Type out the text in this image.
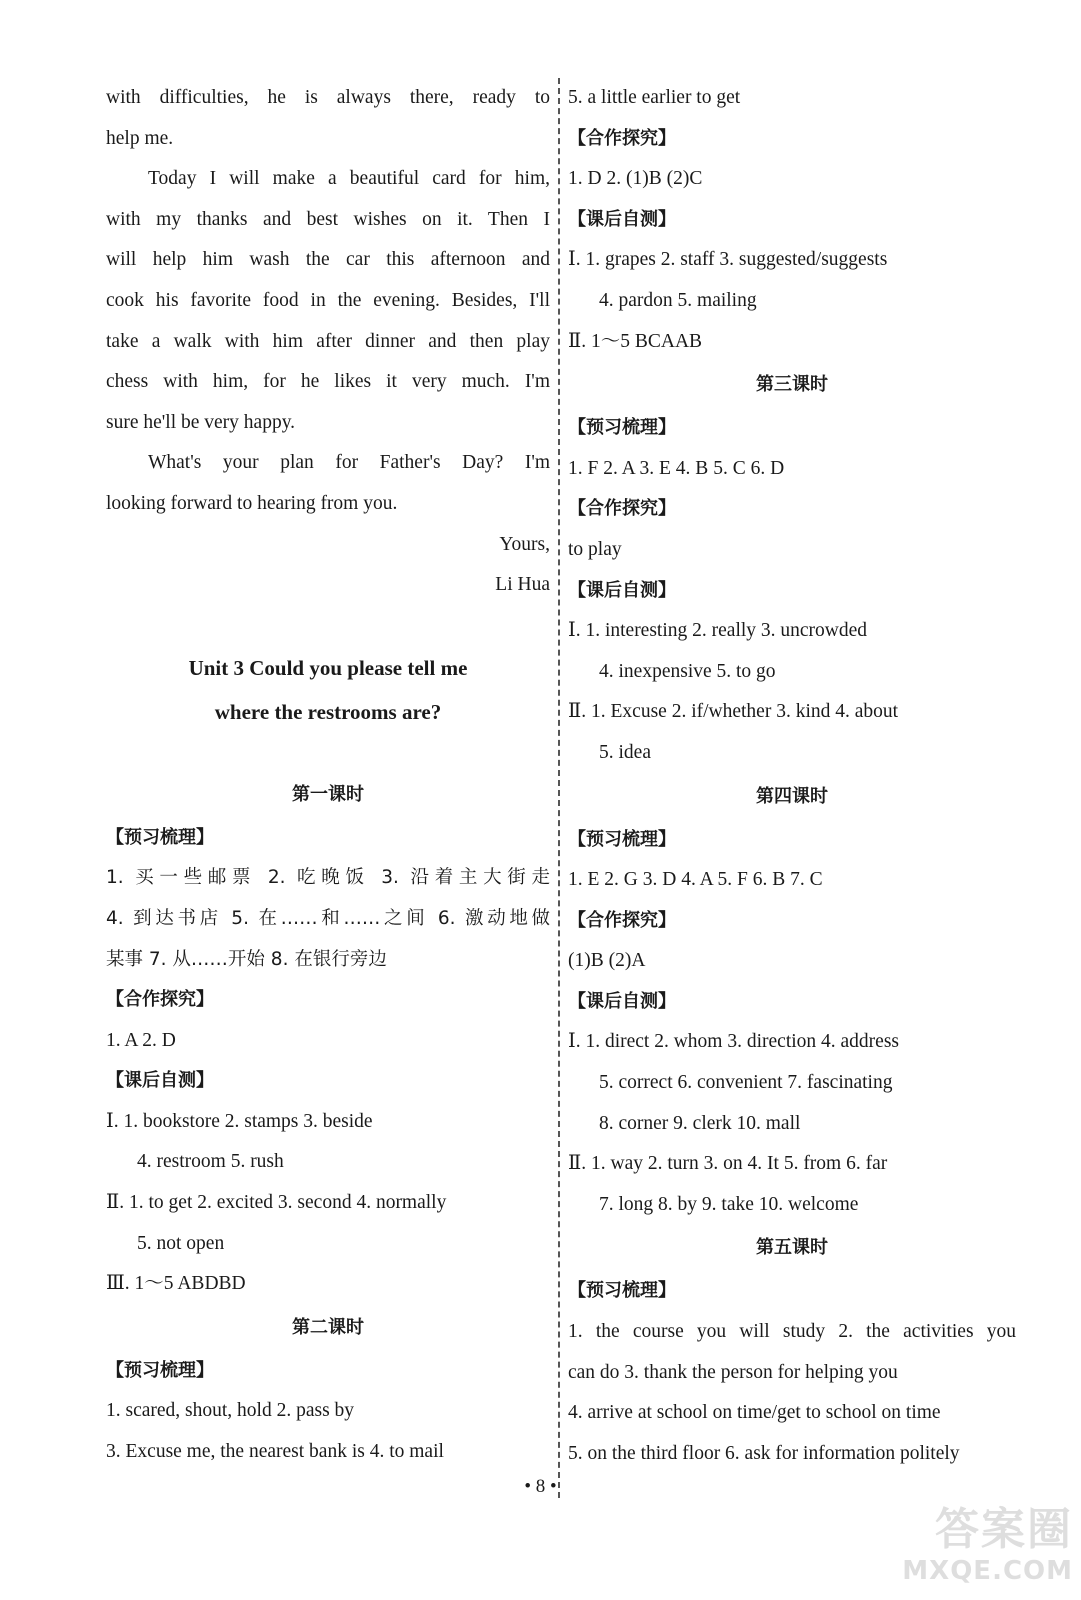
with difficulties, he is always there, ready to
help me.
Today I will make a beautiful card for him,
with my thanks and best wishes on it. Then I
will help him wash the car this afternoon and
cook his favorite food in the evening. Besides, I'll
take a walk with him after dinner and then play
chess with him, for he likes it very much. I'm
sure he'll be very happy.
What's your plan for Father's Day? I'm
looking forward to hearing from you.
Yours,
Li Hua
Unit 3 Could you please tell me
where the restrooms are?
第一课时
【预习梳理】
1. 买一些邮票 2. 吃晚饭 3. 沿着主大街走
4. 到达书店 5. 在……和……之间 6. 激动地做
某事 7. 从……开始 8. 在银行旁边
【合作探究】
1. A 2. D
【课后自测】
Ⅰ. 1. bookstore 2. stamps 3. beside
4. restroom 5. rush
Ⅱ. 1. to get 2. excited 3. second 4. normally
5. not open
Ⅲ. 1～5 ABDBD
第二课时
【预习梳理】
1. scared, shout, hold 2. pass by
3. Excuse me, the nearest bank is 4. to mail
5. a little earlier to get
【合作探究】
1. D 2. (1)B (2)C
【课后自测】
Ⅰ. 1. grapes 2. staff 3. suggested/suggests
4. pardon 5. mailing
Ⅱ. 1～5 BCAAB
第三课时
【预习梳理】
1. F 2. A 3. E 4. B 5. C 6. D
【合作探究】
to play
【课后自测】
Ⅰ. 1. interesting 2. really 3. uncrowded
4. inexpensive 5. to go
Ⅱ. 1. Excuse 2. if/whether 3. kind 4. about
5. idea
第四课时
【预习梳理】
1. E 2. G 3. D 4. A 5. F 6. B 7. C
【合作探究】
(1)B (2)A
【课后自测】
Ⅰ. 1. direct 2. whom 3. direction 4. address
5. correct 6. convenient 7. fascinating
8. corner 9. clerk 10. mall
Ⅱ. 1. way 2. turn 3. on 4. It 5. from 6. far
7. long 8. by 9. take 10. welcome
第五课时
【预习梳理】
1. the course you will study 2. the activities you
can do 3. thank the person for helping you
4. arrive at school on time/get to school on time
5. on the third floor 6. ask for information politely
• 8 •
答案圈
MXQE.COM
